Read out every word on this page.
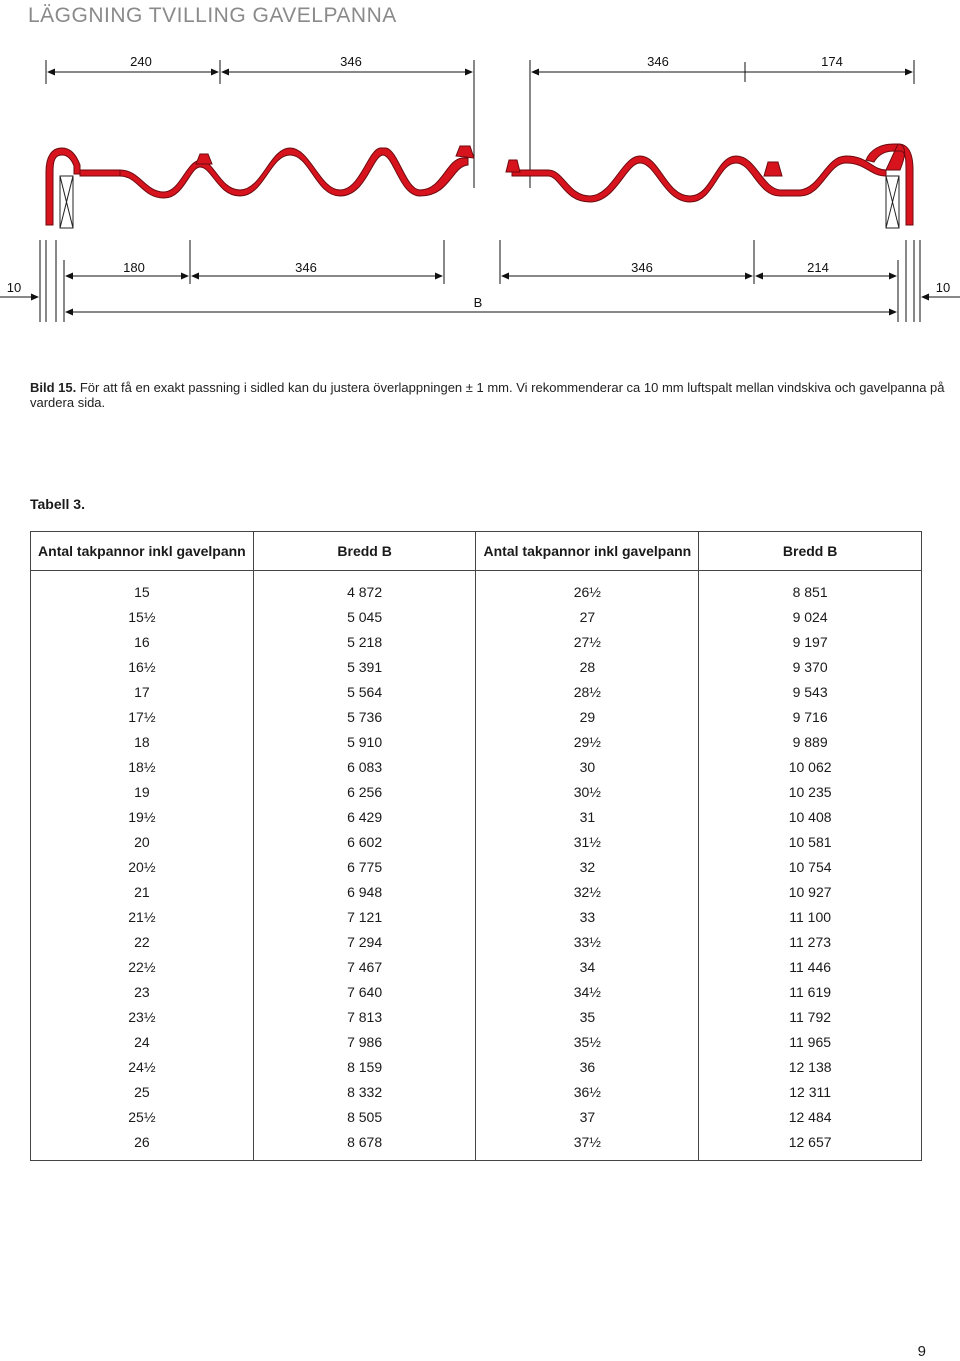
LÄGGNING TVILLING GAVELPANNA
240	346	346	174
180	346	346	214
10	10
B
Bild 15. För att få en exakt passning i sidled kan du justera överlappningen ± 1 mm. Vi rekommenderar ca 10 mm luftspalt mellan vindskiva och gavelpanna på vardera sida.
Tabell 3.
Antal takpannor inkl gavelpann	Bredd B	Antal takpannor inkl gavelpann	Bredd B
15	4 872	26½	8 851
15½	5 045	27	9 024
16	5 218	27½	9 197
16½	5 391	28	9 370
17	5 564	28½	9 543
17½	5 736	29	9 716
18	5 910	29½	9 889
18½	6 083	30	10 062
19	6 256	30½	10 235
19½	6 429	31	10 408
20	6 602	31½	10 581
20½	6 775	32	10 754
21	6 948	32½	10 927
21½	7 121	33	11 100
22	7 294	33½	11 273
22½	7 467	34	11 446
23	7 640	34½	11 619
23½	7 813	35	11 792
24	7 986	35½	11 965
24½	8 159	36	12 138
25	8 332	36½	12 311
25½	8 505	37	12 484
26	8 678	37½	12 657
9
